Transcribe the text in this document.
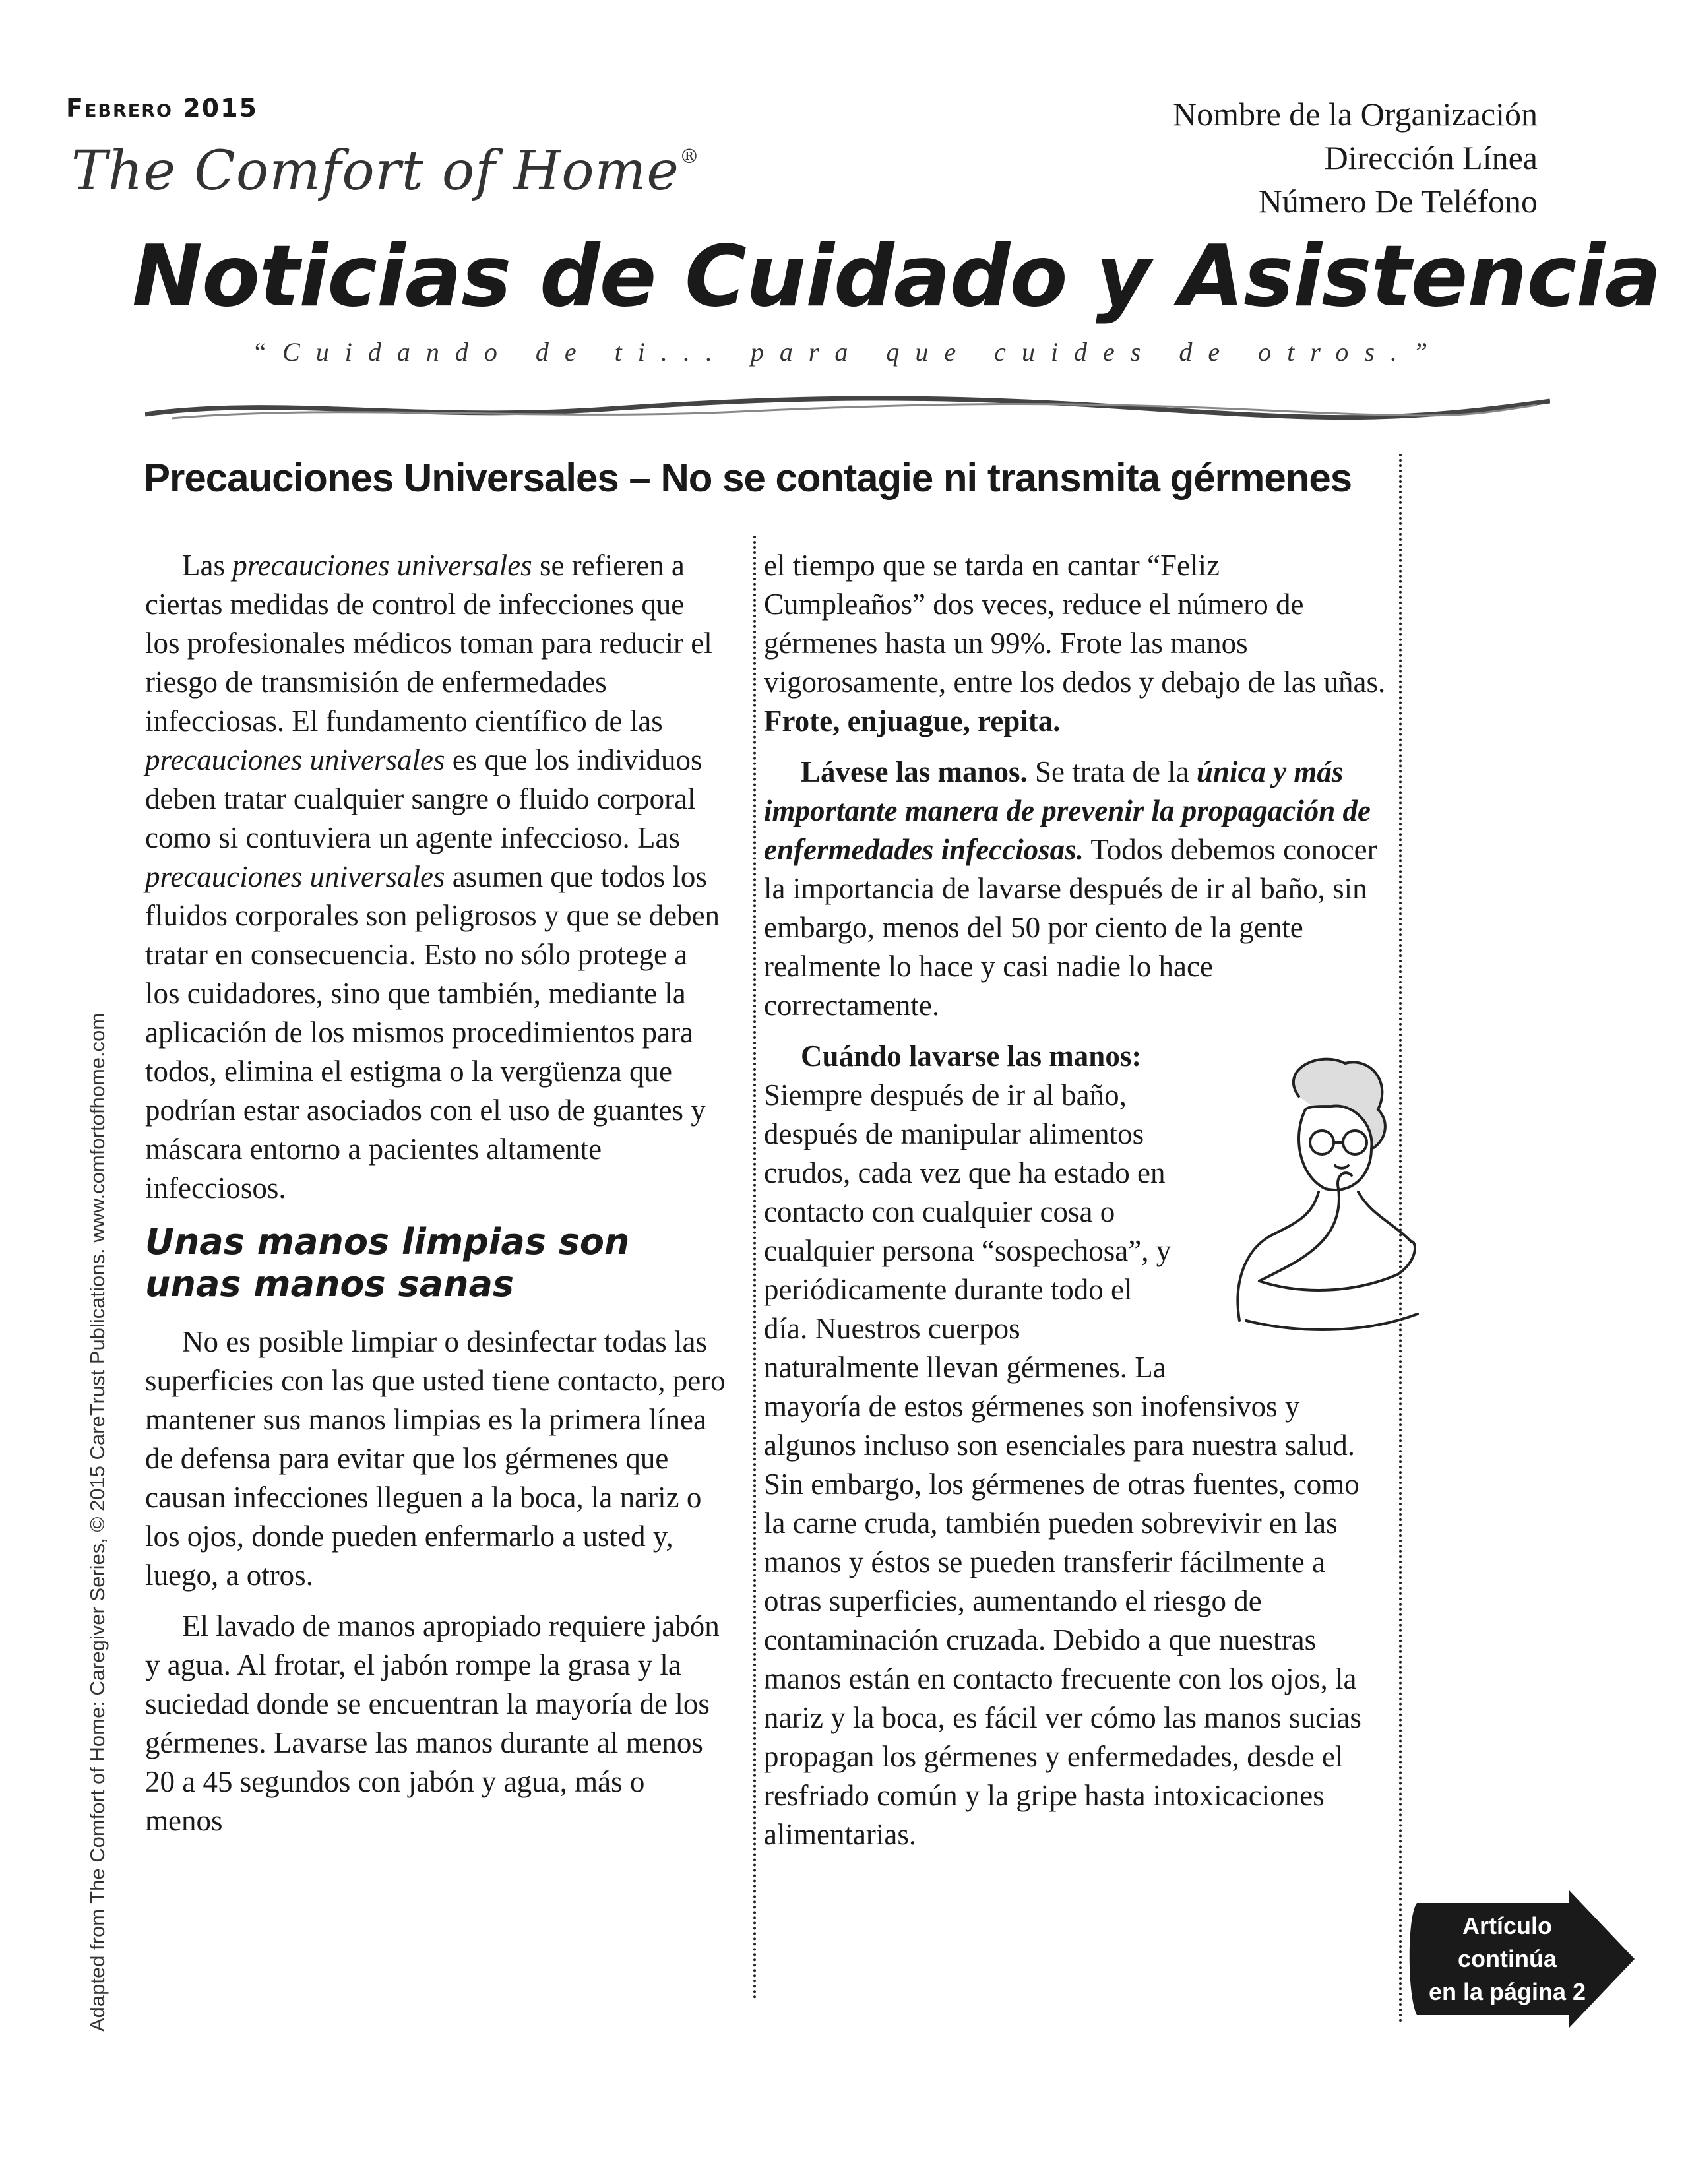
Febrero 2015
The Comfort of Home®
Nombre de la Organización
Dirección Línea
Número De Teléfono
Noticias de Cuidado y Asistencia
“Cuidando de ti... para que cuides de otros.”
Precauciones Universales – No se contagie ni transmita gérmenes

Las precauciones universales se refieren a ciertas medidas de control de infecciones que los profesionales médicos toman para reducir el riesgo de transmisión de enfermedades infecciosas. El fundamento científico de las precauciones universales es que los individuos deben tratar cualquier sangre o fluido corporal como si contuviera un agente infeccioso. Las precauciones universales asumen que todos los fluidos corporales son peligrosos y que se deben tratar en consecuencia. Esto no sólo protege a los cuidadores, sino que también, mediante la aplicación de los mismos procedimientos para todos, elimina el estigma o la vergüenza que podrían estar asociados con el uso de guantes y máscara entorno a pacientes altamente infecciosos.

Unas manos limpias son unas manos sanas

No es posible limpiar o desinfectar todas las superficies con las que usted tiene contacto, pero mantener sus manos limpias es la primera línea de defensa para evitar que los gérmenes que causan infecciones lleguen a la boca, la nariz o los ojos, donde pueden enfermarlo a usted y, luego, a otros.

El lavado de manos apropiado requiere jabón y agua. Al frotar, el jabón rompe la grasa y la suciedad donde se encuentran la mayoría de los gérmenes. Lavarse las manos durante al menos 20 a 45 segundos con jabón y agua, más o menos

el tiempo que se tarda en cantar “Feliz Cumpleaños” dos veces, reduce el número de gérmenes hasta un 99%. Frote las manos vigorosamente, entre los dedos y debajo de las uñas. Frote, enjuague, repita.

Lávese las manos. Se trata de la única y más importante manera de prevenir la propagación de enfermedades infecciosas. Todos debemos conocer la importancia de lavarse después de ir al baño, sin embargo, menos del 50 por ciento de la gente realmente lo hace y casi nadie lo hace correctamente.

Cuándo lavarse las manos: Siempre después de ir al baño, después de manipular alimentos crudos, cada vez que ha estado en contacto con cualquier cosa o cualquier persona “sospechosa”, y periódicamente durante todo el día. Nuestros cuerpos naturalmente llevan gérmenes. La mayoría de estos gérmenes son inofensivos y algunos incluso son esenciales para nuestra salud. Sin embargo, los gérmenes de otras fuentes, como la carne cruda, también pueden sobrevivir en las manos y éstos se pueden transferir fácilmente a otras superficies, aumentando el riesgo de contaminación cruzada. Debido a que nuestras manos están en contacto frecuente con los ojos, la nariz y la boca, es fácil ver cómo las manos sucias propagan los gérmenes y enfermedades, desde el resfriado común y la gripe hasta intoxicaciones alimentarias.

Artículo continúa
en la página 2
Adapted from The Comfort of Home: Caregiver Series, © 2015 CareTrust Publications. www.comfortofhome.com
